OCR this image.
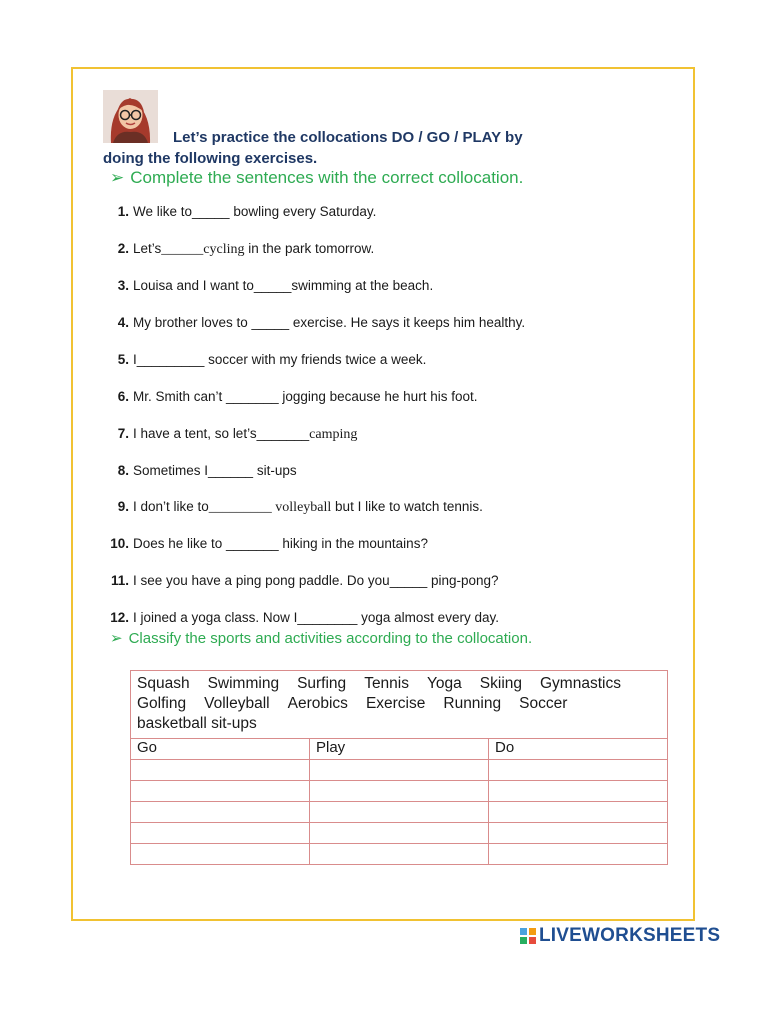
Let’s practice the collocations DO / GO / PLAY by
doing the following exercises.
➢ Complete the sentences with the correct collocation.
1. We like to_____ bowling every Saturday.
2. Let’s______cycling in the park tomorrow.
3. Louisa and I want to_____swimming at the beach.
4. My brother loves to _____ exercise. He says it keeps him healthy.
5. I_________ soccer with my friends twice a week.
6. Mr. Smith can’t _______ jogging because he hurt his foot.
7. I have a tent, so let’s_______camping
8. Sometimes I______ sit-ups
9. I don’t like to_________ volleyball but I like to watch tennis.
10. Does he like to _______ hiking in the mountains?
11. I see you have a ping pong paddle. Do you_____ ping-pong?
12. I joined a yoga class. Now I________ yoga almost every day.
➢ Classify the sports and activities according to the collocation.
Squash Swimming Surfing Tennis Yoga Skiing Gymnastics
Golfing Volleyball Aerobics Exercise Running Soccer
basketball sit-ups		

Go	Play	Do

LIVEWORKSHEETS
